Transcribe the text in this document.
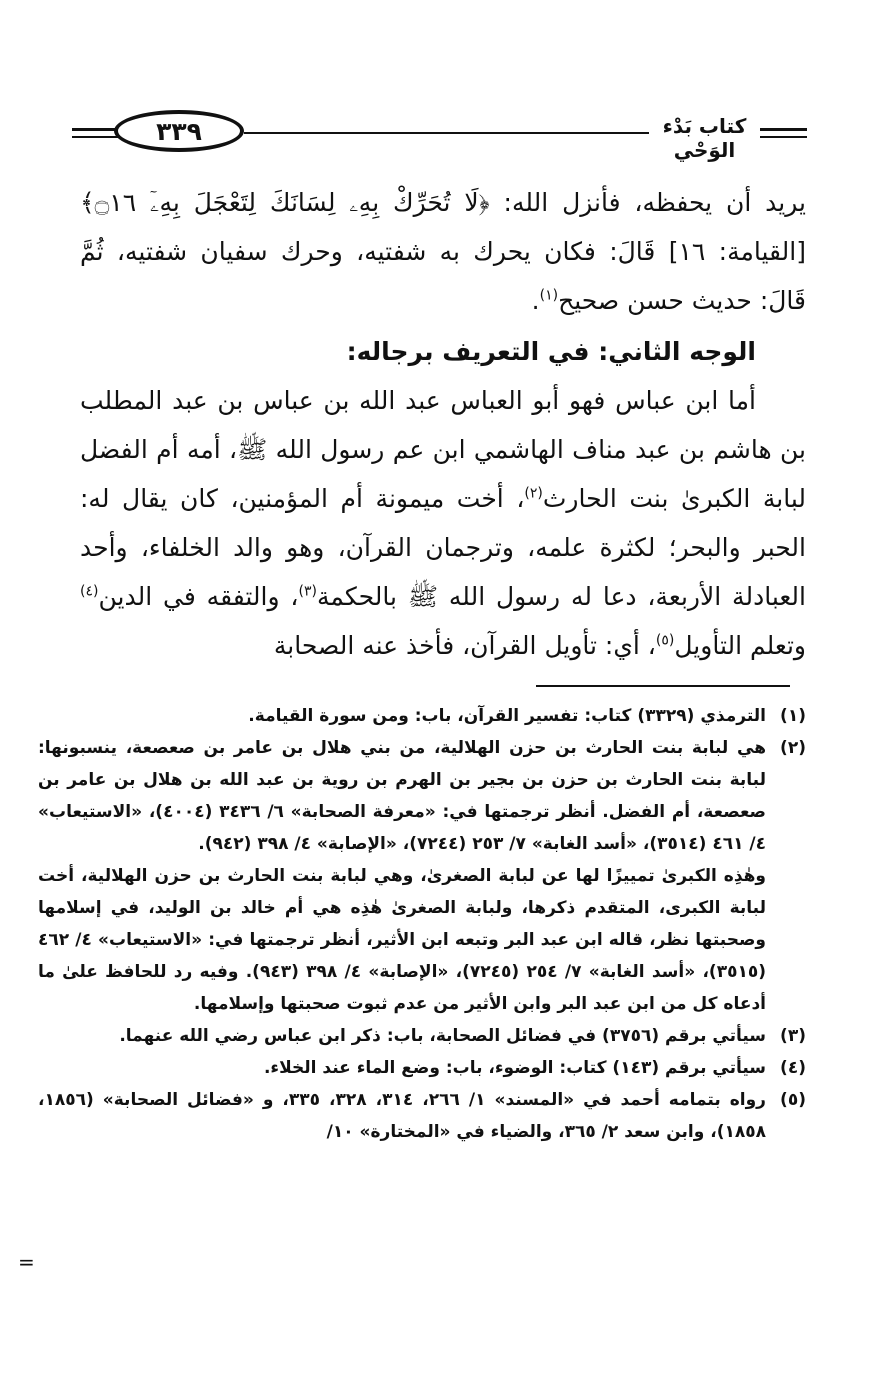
٣٣٩	كتاب بَدْء الوَحْي

يريد أن يحفظه، فأنزل الله: ﴿لَا تُحَرِّكْ بِهِۦ لِسَانَكَ لِتَعْجَلَ بِهِۦٓ ۝١٦﴾ [القيامة: ١٦] قَالَ: فكان يحرك به شفتيه، وحرك سفيان شفتيه، ثُمَّ قَالَ: حديث حسن صحيح$^{(١)}$.

الوجه الثاني: في التعريف برجاله:

أما ابن عباس فهو أبو العباس عبد الله بن عباس بن عبد المطلب بن هاشم بن عبد مناف الهاشمي ابن عم رسول الله ﷺ، أمه أم الفضل لبابة الكبرىٰ بنت الحارث$^{(٢)}$، أخت ميمونة أم المؤمنين، كان يقال له: الحبر والبحر؛ لكثرة علمه، وترجمان القرآن، وهو والد الخلفاء، وأحد العبادلة الأربعة، دعا له رسول الله ﷺ بالحكمة$^{(٣)}$، والتفقه في الدين$^{(٤)}$ وتعلم التأويل$^{(٥)}$، أي: تأويل القرآن، فأخذ عنه الصحابة

(١)
الترمذي (٣٣٢٩) كتاب: تفسير القرآن، باب: ومن سورة القيامة.
(٢)
هي لبابة بنت الحارث بن حزن الهلالية، من بني هلال بن عامر بن صعصعة، ينسبونها: لبابة بنت الحارث بن حزن بن بجير بن الهرم بن روية بن عبد الله بن هلال بن عامر بن صعصعة، أم الفضل. أنظر ترجمتها في: «معرفة الصحابة» ٦/ ٣٤٣٦ (٤٠٠٤)، «الاستيعاب» ٤/ ٤٦١ (٣٥١٤)، «أسد الغابة» ٧/ ٢٥٣ (٧٢٤٤)، «الإصابة» ٤/ ٣٩٨ (٩٤٢).
وهٰذِه الكبرىٰ تمييزًا لها عن لبابة الصغرىٰ، وهي لبابة بنت الحارث بن حزن الهلالية، أخت لبابة الكبرى، المتقدم ذكرها، ولبابة الصغرىٰ هٰذِه هي أم خالد بن الوليد، في إسلامها وصحبتها نظر، قاله ابن عبد البر وتبعه ابن الأثير، أنظر ترجمتها في: «الاستيعاب» ٤/ ٤٦٢ (٣٥١٥)، «أسد الغابة» ٧/ ٢٥٤ (٧٢٤٥)، «الإصابة» ٤/ ٣٩٨ (٩٤٣). وفيه رد للحافظ علىٰ ما أدعاه كل من ابن عبد البر وابن الأثير من عدم ثبوت صحبتها وإسلامها.
(٣)
سيأتي برقم (٣٧٥٦) في فضائل الصحابة، باب: ذكر ابن عباس رضي الله عنهما.
(٤)
سيأتي برقم (١٤٣) كتاب: الوضوء، باب: وضع الماء عند الخلاء.
(٥)
رواه بتمامه أحمد في «المسند» ١/ ٢٦٦، ٣١٤، ٣٢٨، ٣٣٥، و «فضائل الصحابة» (١٨٥٦، ١٨٥٨)، وابن سعد ٢/ ٣٦٥، والضياء في «المختارة» ١٠/
=
